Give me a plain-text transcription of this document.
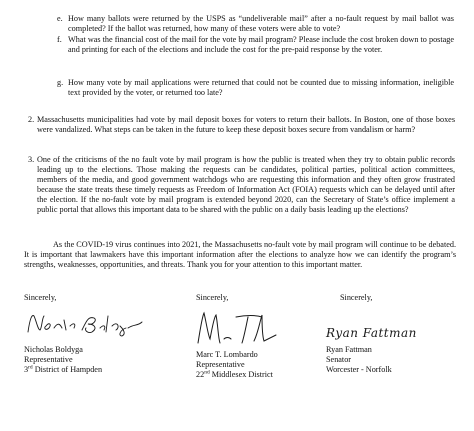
e. How many ballots were returned by the USPS as “undeliverable mail” after a no-fault request by mail ballot was completed? If the ballot was returned, how many of these voters were able to vote?

f. What was the financial cost of the mail for the vote by mail program? Please include the cost broken down to postage and printing for each of the elections and include the cost for the pre-paid response by the voter.

g. How many vote by mail applications were returned that could not be counted due to missing information, ineligible text provided by the voter, or returned too late?

2. Massachusetts municipalities had vote by mail deposit boxes for voters to return their ballots. In Boston, one of those boxes were vandalized. What steps can be taken in the future to keep these deposit boxes secure from vandalism or harm?

3. One of the criticisms of the no fault vote by mail program is how the public is treated when they try to obtain public records leading up to the elections. Those making the requests can be candidates, political parties, political action committees, members of the media, and good government watchdogs who are requesting this information and they often grow frustrated because the state treats these timely requests as Freedom of Information Act (FOIA) requests which can be delayed until after the election. If the no-fault vote by mail program is extended beyond 2020, can the Secretary of State’s office implement a public portal that allows this important data to be shared with the public on a daily basis leading up the elections?

As the COVID-19 virus continues into 2021, the Massachusetts no-fault vote by mail program will continue to be debated. It is important that lawmakers have this important information after the elections to analyze how we can identify the program’s strengths, weaknesses, opportunities, and threats. Thank you for your attention to this important matter.

Sincerely,
Nicholas Boldyga
Representative
3rd District of Hampden
Sincerely,
Marc T. Lombardo
Representative
22nd Middlesex District
Sincerely,
Ryan Fattman
Ryan Fattman
Senator
Worcester - Norfolk
